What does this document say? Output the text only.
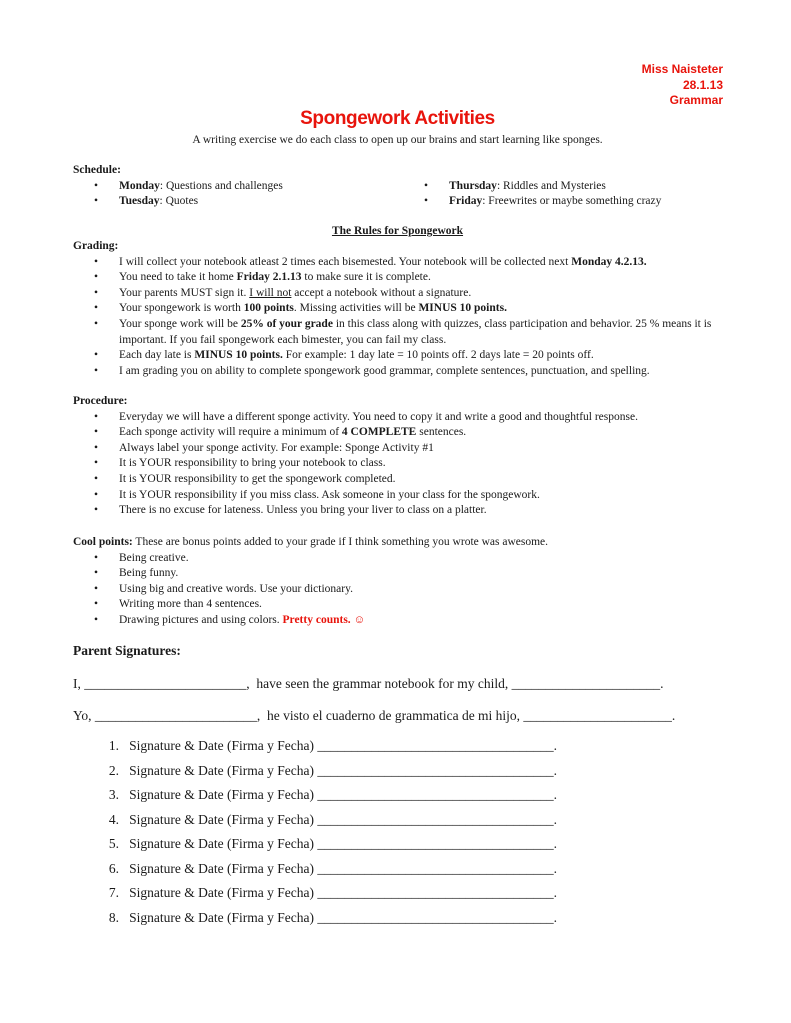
Miss Naisteter
28.1.13
Grammar
Spongework Activities
A writing exercise we do each class to open up our brains and start learning like sponges.
Schedule:
• Monday: Questions and challenges
• Tuesday: Quotes
• Thursday: Riddles and Mysteries
• Friday: Freewrites or maybe something crazy
The Rules for Spongework
Grading:
• I will collect your notebook atleast 2 times each bisemested. Your notebook will be collected next Monday 4.2.13.
• You need to take it home Friday 2.1.13 to make sure it is complete.
• Your parents MUST sign it. I will not accept a notebook without a signature.
• Your spongework is worth 100 points. Missing activities will be MINUS 10 points.
• Your sponge work will be 25% of your grade in this class along with quizzes, class participation and behavior. 25 % means it is important. If you fail spongework each bimester, you can fail my class.
• Each day late is MINUS 10 points. For example: 1 day late = 10 points off. 2 days late = 20 points off.
• I am grading you on ability to complete spongework good grammar, complete sentences, punctuation, and spelling.
Procedure:
• Everyday we will have a different sponge activity. You need to copy it and write a good and thoughtful response.
• Each sponge activity will require a minimum of 4 COMPLETE sentences.
• Always label your sponge activity. For example: Sponge Activity #1
• It is YOUR responsibility to bring your notebook to class.
• It is YOUR responsibility to get the spongework completed.
• It is YOUR responsibility if you miss class. Ask someone in your class for the spongework.
• There is no excuse for lateness. Unless you bring your liver to class on a platter.
Cool points: These are bonus points added to your grade if I think something you wrote was awesome.
• Being creative.
• Being funny.
• Using big and creative words. Use your dictionary.
• Writing more than 4 sentences.
• Drawing pictures and using colors. Pretty counts. ☺
Parent Signatures:
I, ________________________,  have seen the grammar notebook for my child, ______________________.
Yo, ________________________,  he visto el cuaderno de grammatica de mi hijo, ______________________.
1. Signature & Date (Firma y Fecha) ___________________________________.
2. Signature & Date (Firma y Fecha) ___________________________________.
3. Signature & Date (Firma y Fecha) ___________________________________.
4. Signature & Date (Firma y Fecha) ___________________________________.
5. Signature & Date (Firma y Fecha) ___________________________________.
6. Signature & Date (Firma y Fecha) ___________________________________.
7. Signature & Date (Firma y Fecha) ___________________________________.
8. Signature & Date (Firma y Fecha) ___________________________________.
